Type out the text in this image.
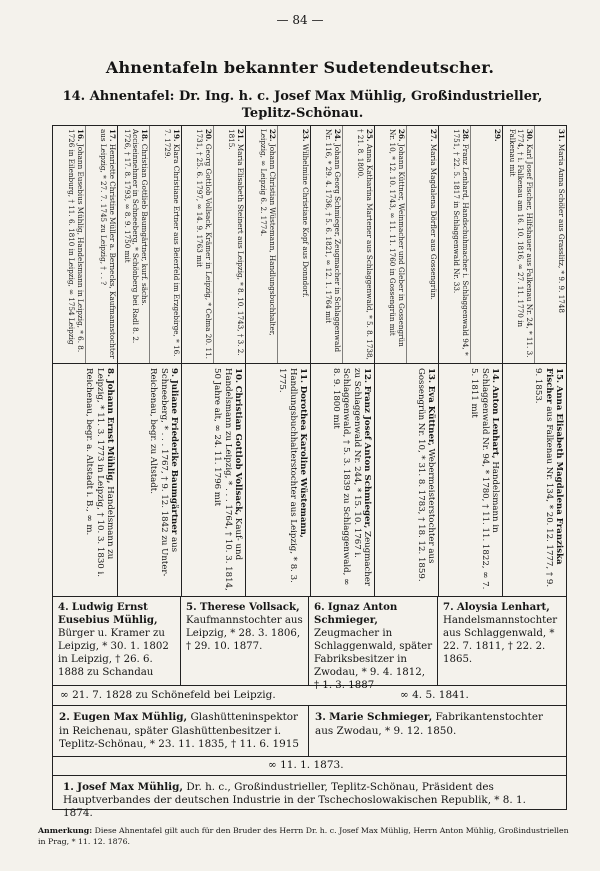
— 84 —
Ahnentafeln bekannter Sudetendeutscher.
14. Ahnentafel: Dr. Ing. h. c. Josef Max Mühlig, Großindustrieller, Teplitz-Schönau.
16. Johann Eusebius Mühlig, Handelsmann in Leipzig, * 6. 8. 1726 in Eilenburg, † 11. 6. 1810 in Leipzig, ∞ 1754 Leipzig	17. Henriette Christine Müller a. Bernecks, Kaufmannstochter aus Leipzig, * 27. 7. 1745 zu Leipzig, † . . ?	18. Christian Gottlieb Baumgärtner, kurf. sächs. Acciseinnehmer in Schneeberg, * Schönberg bei Radl 8. 2. 1726, † 17. 8. 1793, ∞ 8. 9. 1750 mit	19. Klara Christiane Ertner aus Beierfeld im Erzgebirge, * 16. 7. 1729.	20. Georg Gottlob Vollsack, Krämer in Leipzig, * Celma 20. 11. 1731, † 25. 6. 1797, ∞ 14. 9. 1763 mit	21. Maria Elisabeth Steinert aus Leipzig, * 8. 10. 1743, † 3. 2. 1815.	22. Johann Christian Wüstemann, Handlungsbuchhalter, Leipzig, ∞ Leipzig 6. 2. 1774.	23. Wilhelmine Christiane Kopf aus Donndorf.
24. Johann Georg Schmieger, Zeugmacher in Schlaggenwald Nr. 116, * 29. 4. 1736, † 5. 6. 1821, ∞ 12. 1. 1764 mit	25. Anna Katharina Martener aus Schlaggenwald, * 5. 8. 1738, † 21. 8. 1800.	26. Johann Küttner, Weinmacher und Gleber in Gossengrün Nr. 10, * 12. 10. 1743, ∞ 11. 11. 1760 in Gossengrün mit	27. Maria Magdalena Dörfler aus Gossengrün.
28. Franz Lenhard, Handschuhmacher i. Schlaggenwald 94, * 1751, † 22. 5. 1817 in Schlaggenwald Nr. 33.	29.	30. Karl Josef Fischer, Hilfshauer aus Falkenau Nr. 24, * 11. 3. 1774, † i. Falkenau am 16. 10. 1816, ∞ 27. 11. 1770 in Falkenau mit	31. Maria Anna Schöler aus Grasslitz, * 9. 9. 1748
8. Johann Ernst Mühlig, Handelsmann zu Leipzig, * 11. 3. 1773 in Leipzig, † 10. 3. 1830 i. Reichenau, begr. a. Altstadt i. B., ∞ m.	9. Juliane Friederike Baumgärtner aus Schneeberg, * . . . 1767, † 9. 12. 1842 zu Unter-Reichenau, begr. zu Altstadt.	10. Christian Gottlob Vollsack, Kauf- und Handelsmann zu Leipzig, * . . . 1764, † 10. 3. 1814, 50 Jahre alt, ∞ 24. 11. 1796 mit	11. Dorothea Karoline Wüstemann, Handlungsbuchhalterstochter aus Leipzig, * 8. 3. 1775.	12. Franz Josef Anton Schmieger, Zeugmacher zu Schlaggenwald Nr. 244, * 15. 10. 1767 i. Schlaggenwald, † 5. 3. 1839 zu Schlaggenwald, ∞ 8. 9. 1800 mit	13. Eva Küttner, Webermeisterstochter aus Gossengrün Nr. 10, * 31. 8. 1783, † 18. 12. 1859.	14. Anton Lenhart, Handelsmann in Schlaggenwald Nr. 94, * 1780, † 11. 11. 1822, ∞ 7. 5. 1811 mit	15. Anna Elisabeth Magdalena Franziska Fischer aus Falkenau Nr. 134, * 20. 12. 1777, † 9. 9. 1853.
4. Ludwig Ernst Eusebius Mühlig, Bürger u. Kramer zu Leipzig, * 30. 1. 1802 in Leipzig, † 26. 6. 1888 zu Schandau
5. Therese Vollsack, Kaufmannstochter aus Leipzig, * 28. 3. 1806, † 29. 10. 1877.
6. Ignaz Anton Schmieger, Zeugmacher in Schlaggenwald, später Fabriksbesitzer in Zwodau, * 9. 4. 1812, † 1. 3. 1887
7. Aloysia Lenhart, Handelsmannstochter aus Schlaggenwald, * 22. 7. 1811, † 22. 2. 1865.
∞ 21. 7. 1828 zu Schönefeld bei Leipzig.	∞ 4. 5. 1841.
2. Eugen Max Mühlig, Glashütteninspektor in Reichenau, später Glashüttenbesitzer i. Teplitz-Schönau, * 23. 11. 1835, † 11. 6. 1915
3. Marie Schmieger, Fabrikantenstochter aus Zwodau, * 9. 12. 1850.
∞ 11. 1. 1873.
1. Josef Max Mühlig, Dr. h. c., Großindustrieller, Teplitz-Schönau, Präsident des Hauptverbandes der deutschen Industrie in der Tschechoslowakischen Republik, * 8. 1. 1874.
Anmerkung: Diese Ahnentafel gilt auch für den Bruder des Herrn Dr. h. c. Josef Max Mühlig, Herrn Anton Mühlig, Großindustriellen in Prag, * 11. 12. 1876.
